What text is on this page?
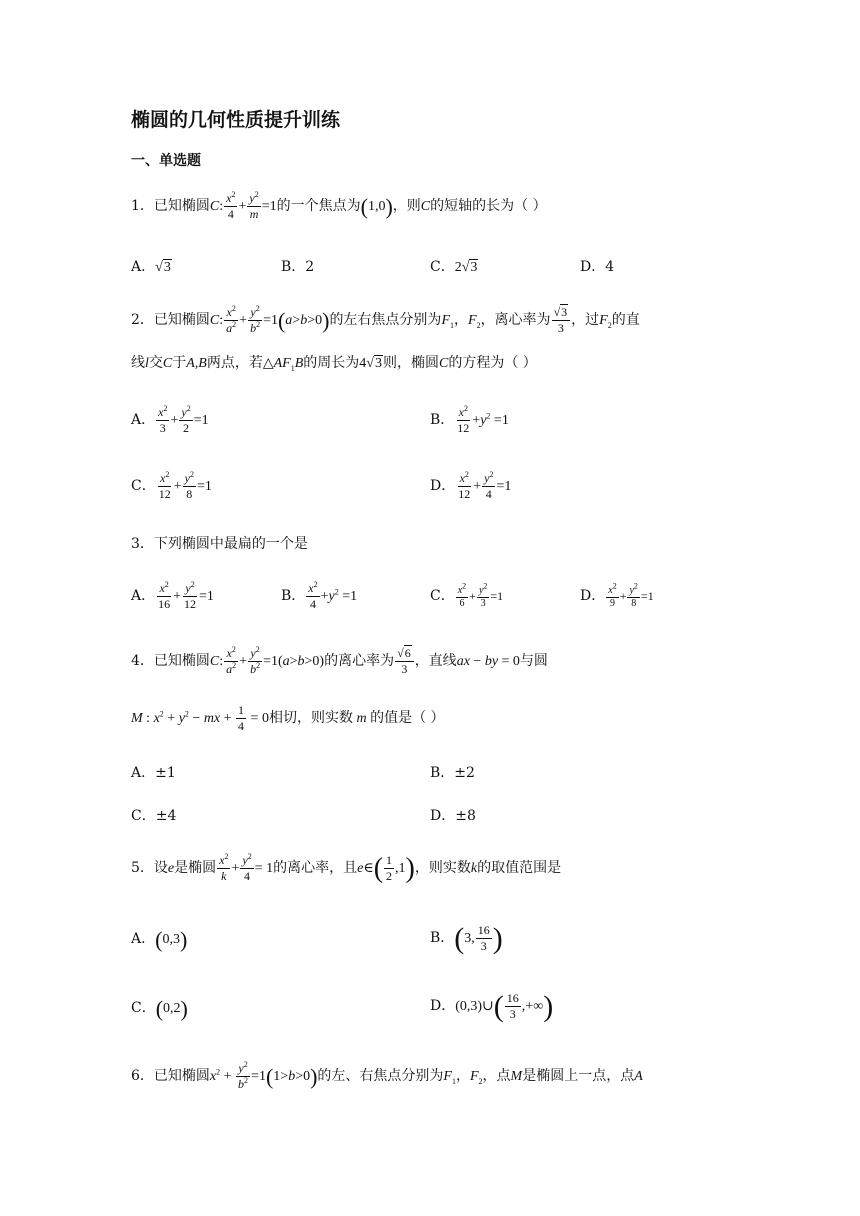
椭圆的几何性质提升训练
一、单选题
1．已知椭圆C: $\frac{x^2}{4} + \frac{y^2}{m} =1$的一个焦点为(1,0)，则C的短轴的长为（ ）
A．√3	B．2	C．2√3	D．4
2．已知椭圆C: $\frac{x^2}{a^2} + \frac{y^2}{b^2} =1(a>b>0)$的左右焦点分别为$F_1$，$F_2$，离心率为 $\frac{√3}{3}$ ，过$F_2$的直
线l交C于A,B两点，若$\triangle AF_1B$的周长为4√3则，椭圆C的方程为（ ）
A． $\frac{x^2}{3} + \frac{y^2}{2} =1$	B． $\frac{x^2}{12} +y^2 =1$
C． $\frac{x^2}{12} + \frac{y^2}{8} =1$	D． $\frac{x^2}{12} + \frac{y^2}{4} =1$
3．下列椭圆中最扁的一个是
A． $\frac{x^2}{16} + \frac{y^2}{12} =1$	B． $\frac{x^2}{4} +y^2 =1$	C． $\frac{x^2}{6} + \frac{y^2}{3} =1$	D． $\frac{x^2}{9} + \frac{y^2}{8} =1$
4．已知椭圆C: $\frac{x^2}{a^2} + \frac{y^2}{b^2} =1(a>b>0)$的离心率为 $\frac{√6}{3}$ ，直线ax − by = 0与圆
M : $x^2 + y^2$ − mx + $\frac{1}{4} = 0$相切，则实数 m 的值是（ ）
A．±1	B．±2
C．±4	D．±8
5．设e是椭圆 $\frac{x^2}{k} + \frac{y^2}{4} = 1$的离心率，且e∈( $\frac{1}{2} ,1$)，则实数k的取值范围是
A．(0,3)	B．(3, $\frac{16}{3}$ )
C．(0,2)	D．(0,3)∪( $\frac{16}{3}$ ,+∞)
6．已知椭圆$x^2 + \frac{y^2}{b^2} =1(1>b>0)$的左、右焦点分别为$F_1$，$F_2$，点M是椭圆上一点，点A
